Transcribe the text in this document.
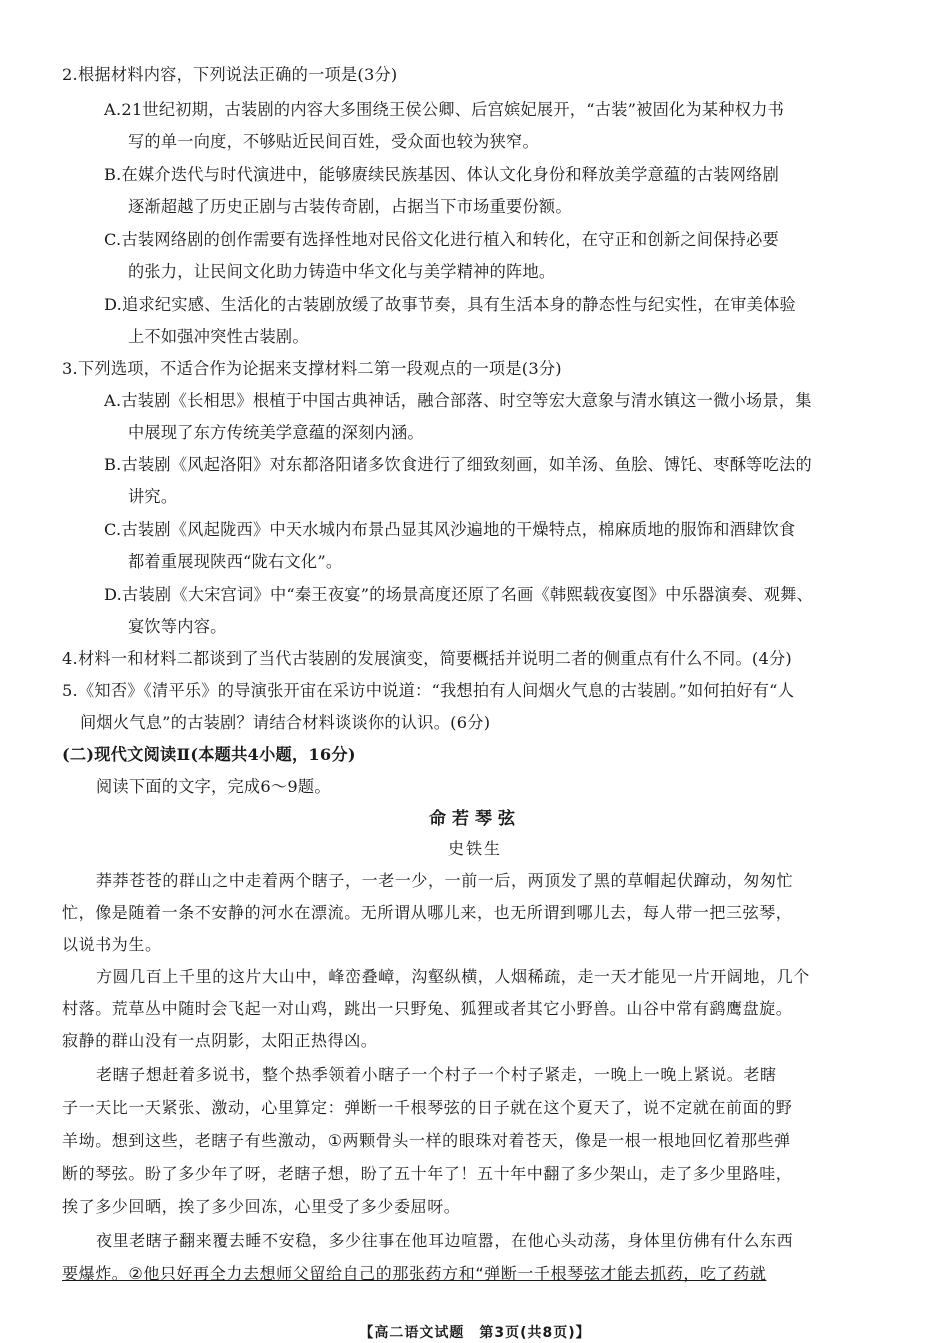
2.根据材料内容，下列说法正确的一项是(3分)
A.21世纪初期，古装剧的内容大多围绕王侯公卿、后宫嫔妃展开，“古装”被固化为某种权力书
写的单一向度，不够贴近民间百姓，受众面也较为狭窄。
B.在媒介迭代与时代演进中，能够赓续民族基因、体认文化身份和释放美学意蕴的古装网络剧
逐渐超越了历史正剧与古装传奇剧，占据当下市场重要份额。
C.古装网络剧的创作需要有选择性地对民俗文化进行植入和转化，在守正和创新之间保持必要
的张力，让民间文化助力铸造中华文化与美学精神的阵地。
D.追求纪实感、生活化的古装剧放缓了故事节奏，具有生活本身的静态性与纪实性，在审美体验
上不如强冲突性古装剧。
3.下列选项，不适合作为论据来支撑材料二第一段观点的一项是(3分)
A.古装剧《长相思》根植于中国古典神话，融合部落、时空等宏大意象与清水镇这一微小场景，集
中展现了东方传统美学意蕴的深刻内涵。
B.古装剧《风起洛阳》对东都洛阳诸多饮食进行了细致刻画，如羊汤、鱼脍、馎饦、枣酥等吃法的
讲究。
C.古装剧《风起陇西》中天水城内布景凸显其风沙遍地的干燥特点，棉麻质地的服饰和酒肆饮食
都着重展现陕西“陇右文化”。
D.古装剧《大宋宫词》中“秦王夜宴”的场景高度还原了名画《韩熙载夜宴图》中乐器演奏、观舞、
宴饮等内容。
4.材料一和材料二都谈到了当代古装剧的发展演变，简要概括并说明二者的侧重点有什么不同。(4分)
5.《知否》《清平乐》的导演张开宙在采访中说道：“我想拍有人间烟火气息的古装剧。”如何拍好有“人
间烟火气息”的古装剧？请结合材料谈谈你的认识。(6分)
(二)现代文阅读Ⅱ(本题共4小题，16分)
阅读下面的文字，完成6～9题。
命若琴弦
史铁生
莽莽苍苍的群山之中走着两个瞎子，一老一少，一前一后，两顶发了黑的草帽起伏蹿动，匆匆忙
忙，像是随着一条不安静的河水在漂流。无所谓从哪儿来，也无所谓到哪儿去，每人带一把三弦琴，
以说书为生。
方圆几百上千里的这片大山中，峰峦叠嶂，沟壑纵横，人烟稀疏，走一天才能见一片开阔地，几个
村落。荒草丛中随时会飞起一对山鸡，跳出一只野兔、狐狸或者其它小野兽。山谷中常有鹞鹰盘旋。
寂静的群山没有一点阴影，太阳正热得凶。
老瞎子想赶着多说书，整个热季领着小瞎子一个村子一个村子紧走，一晚上一晚上紧说。老瞎
子一天比一天紧张、激动，心里算定：弹断一千根琴弦的日子就在这个夏天了，说不定就在前面的野
羊坳。想到这些，老瞎子有些激动，①两颗骨头一样的眼珠对着苍天，像是一根一根地回忆着那些弹
断的琴弦。盼了多少年了呀，老瞎子想，盼了五十年了！五十年中翻了多少架山，走了多少里路哇，
挨了多少回晒，挨了多少回冻，心里受了多少委屈呀。
夜里老瞎子翻来覆去睡不安稳，多少往事在他耳边喧嚣，在他心头动荡，身体里仿佛有什么东西
要爆炸。②他只好再全力去想师父留给自己的那张药方和“弹断一千根琴弦才能去抓药，吃了药就
【高二语文试题　第3页(共8页)】
